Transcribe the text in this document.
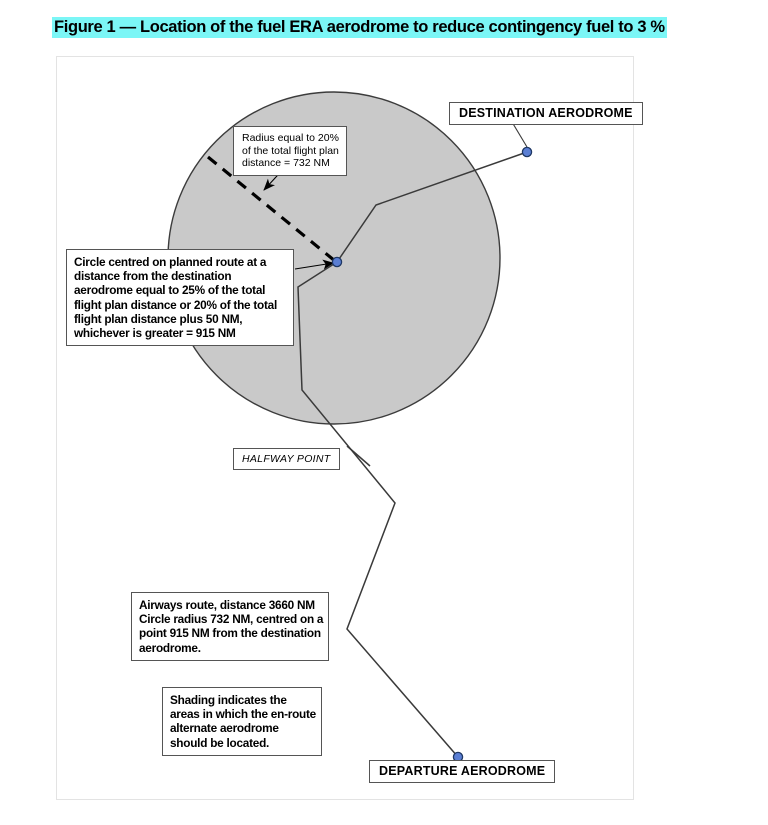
Figure 1 — Location of the fuel ERA aerodrome to reduce contingency fuel to 3 %
DESTINATION AERODROME
DEPARTURE AERODROME
HALFWAY POINT
Radius equal to 20%
of the total flight plan
distance = 732 NM
Circle centred on planned route at a
distance from the destination
aerodrome equal to 25% of the total
flight plan distance or 20% of the total
flight plan distance plus 50 NM,
whichever is greater = 915 NM
Airways route, distance 3660 NM
Circle radius 732 NM, centred on a
point 915 NM from the destination
aerodrome.
Shading indicates the
areas in which the en-route
alternate aerodrome
should be located.
